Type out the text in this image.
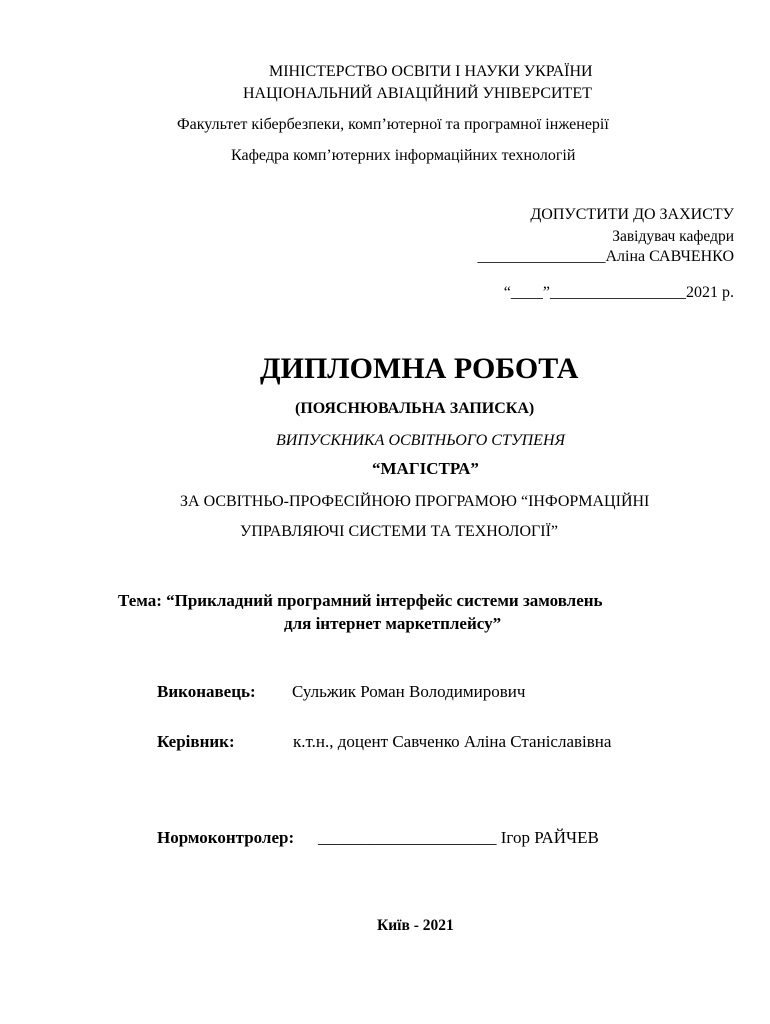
МІНІСТЕРСТВО ОСВІТИ І НАУКИ УКРАЇНИ
НАЦІОНАЛЬНИЙ АВІАЦІЙНИЙ УНІВЕРСИТЕТ
Факультет кібербезпеки, комп’ютерної та програмної інженерії
Кафедра комп’ютерних інформаційних технологій
ДОПУСТИТИ ДО ЗАХИСТУ
Завідувач кафедри
________________Аліна САВЧЕНКО
“____”_________________2021 р.
ДИПЛОМНА РОБОТА
(ПОЯСНЮВАЛЬНА ЗАПИСКА)
ВИПУСКНИКА ОСВІТНЬОГО СТУПЕНЯ
“МАГІСТРА”
ЗА ОСВІТНЬО-ПРОФЕСІЙНОЮ ПРОГРАМОЮ “ІНФОРМАЦІЙНІ
УПРАВЛЯЮЧІ СИСТЕМИ ТА ТЕХНОЛОГІЇ”
Тема: “Прикладний програмний інтерфейс системи замовлень
для інтернет маркетплейсу”
Виконавець: Сульжик Роман Володимирович
Керівник:	к.т.н., доцент Савченко Аліна Станіславівна
Нормоконтролер: _____________________ Ігор РАЙЧЕВ
Київ - 2021
